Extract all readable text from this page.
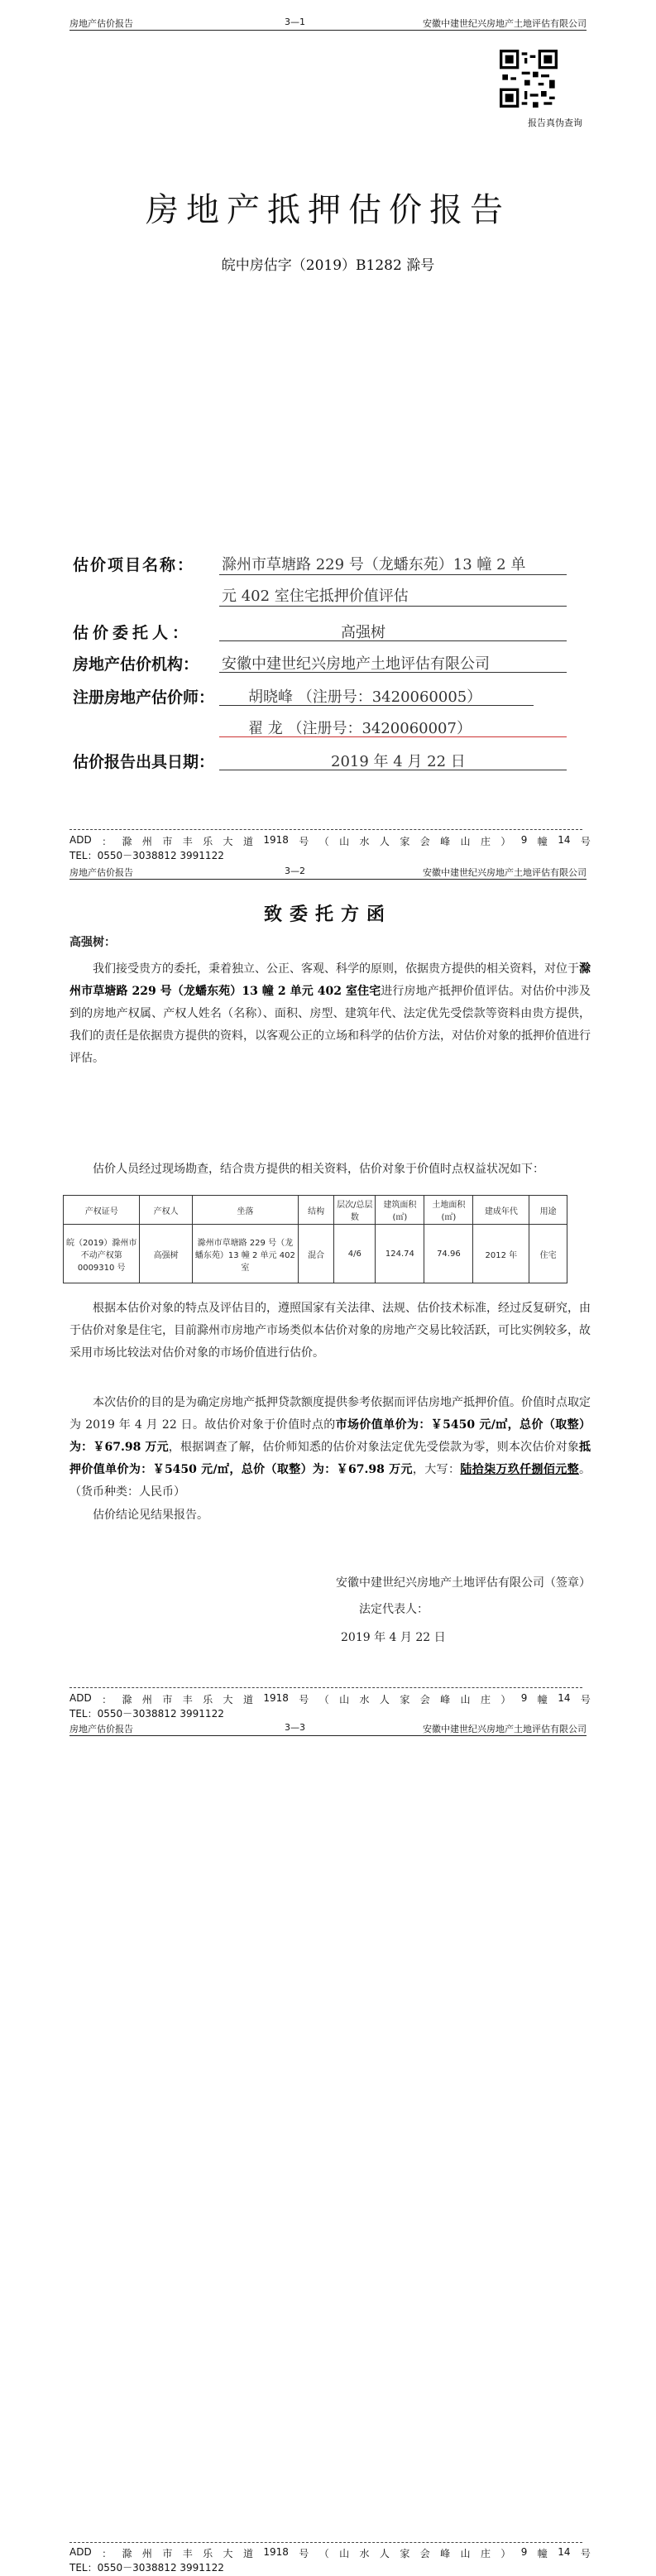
房地产估价报告	3—1	安徽中建世纪兴房地产土地评估有限公司
报告真伪查询
房地产抵押估价报告
皖中房估字（2019）B1282 滁号
估价项目名称： 滁州市草塘路 229 号（龙蟠东苑）13 幢 2 单
元 402 室住宅抵押价值评估
估价委托人：	高强树
房地产估价机构： 安徽中建世纪兴房地产土地评估有限公司
注册房地产估价师： 胡晓峰 （注册号：3420060005）
翟 龙 （注册号：3420060007）
估价报告出具日期：	2019 年 4 月 22 日
ADD ： 滁 州 市 丰 乐 大 道 1918 号 （ 山 水 人 家 会 峰 山 庄 ） 9 幢 14 号
TEL：0550－3038812 3991122
房地产估价报告	3—2	安徽中建世纪兴房地产土地评估有限公司
致委托方函
高强树：
我们接受贵方的委托，秉着独立、公正、客观、科学的原则，依据贵方提供的相关资料，对位于滁州市草塘路 229 号（龙蟠东苑）13 幢 2 单元 402 室住宅进行房地产抵押价值评估。对估价中涉及到的房地产权属、产权人姓名（名称）、面积、房型、建筑年代、法定优先受偿款等资料由贵方提供，我们的责任是依据贵方提供的资料，以客观公正的立场和科学的估价方法，对估价对象的抵押价值进行评估。
估价人员经过现场勘查，结合贵方提供的相关资料，估价对象于价值时点权益状况如下：
产权证号	产权人	坐落	结构	层次/总层数	建筑面积(㎡)	土地面积(㎡)	建成年代	用途
皖（2019）滁州市不动产权第0009310 号	高强树	滁州市草塘路 229 号（龙蟠东苑）13 幢 2 单元 402 室	混合	4/6	124.74	74.96	2012 年	住宅
根据本估价对象的特点及评估目的，遵照国家有关法律、法规、估价技术标准，经过反复研究，由于估价对象是住宅，目前滁州市房地产市场类似本估价对象的房地产交易比较活跃，可比实例较多，故采用市场比较法对估价对象的市场价值进行估价。
本次估价的目的是为确定房地产抵押贷款额度提供参考依据而评估房地产抵押价值。价值时点取定为 2019 年 4 月 22 日。故估价对象于价值时点的市场价值单价为：￥5450 元/㎡，总价（取整）为：￥67.98 万元，根据调查了解，估价师知悉的估价对象法定优先受偿款为零，则本次估价对象抵押价值单价为：￥5450 元/㎡，总价（取整）为：￥67.98 万元，大写：陆拾柒万玖仟捌佰元整。（货币种类：人民币）
估价结论见结果报告。
安徽中建世纪兴房地产土地评估有限公司（签章）
法定代表人：
2019 年 4 月 22 日
ADD ： 滁 州 市 丰 乐 大 道 1918 号 （ 山 水 人 家 会 峰 山 庄 ） 9 幢 14 号
TEL：0550－3038812 3991122
房地产估价报告	3—3	安徽中建世纪兴房地产土地评估有限公司
ADD ： 滁 州 市 丰 乐 大 道 1918 号 （ 山 水 人 家 会 峰 山 庄 ） 9 幢 14 号
TEL：0550－3038812 3991122
